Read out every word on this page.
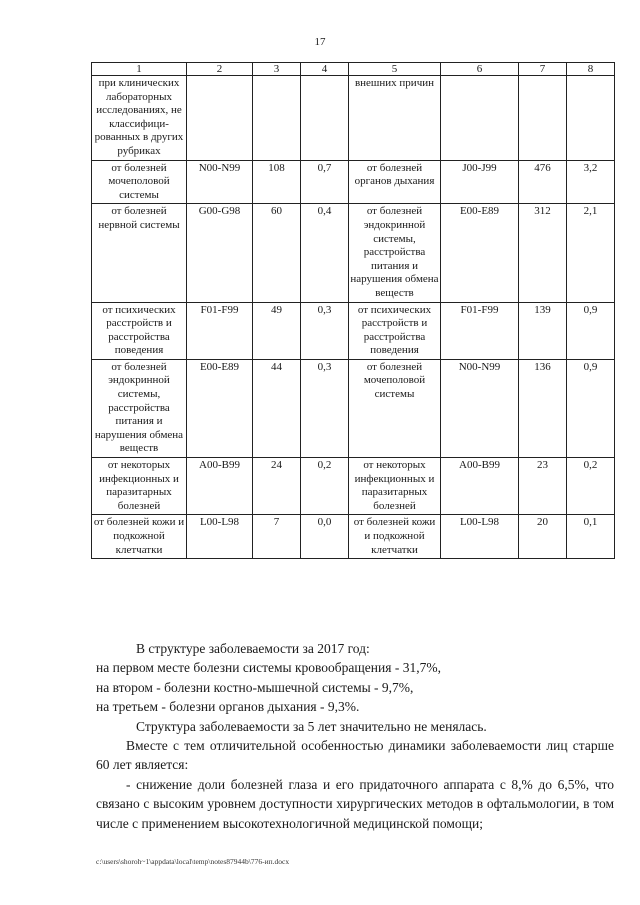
17
1	2	3	4	5	6	7	8
при клинических лабораторных исследованиях, не классифици-рованных в других рубриках				внешних причин			
от болезней мочеполовой системы	N00-N99	108	0,7	от болезней органов дыхания	J00-J99	476	3,2
от болезней нервной системы	G00-G98	60	0,4	от болезней эндокринной системы, расстройства питания и нарушения обмена веществ	E00-E89	312	2,1
от психических расстройств и расстройства поведения	F01-F99	49	0,3	от психических расстройств и расстройства поведения	F01-F99	139	0,9
от болезней эндокринной системы, расстройства питания и нарушения обмена веществ	E00-E89	44	0,3	от болезней мочеполовой системы	N00-N99	136	0,9
от некоторых инфекционных и паразитарных болезней	A00-B99	24	0,2	от некоторых инфекционных и паразитарных болезней	A00-B99	23	0,2
от болезней кожи и подкожной клетчатки	L00-L98	7	0,0	от болезней кожи и подкожной клетчатки	L00-L98	20	0,1

В структуре заболеваемости за 2017 год:

на первом месте болезни системы кровообращения - 31,7%,

на втором - болезни костно-мышечной системы - 9,7%,

на третьем - болезни органов дыхания - 9,3%.

Структура заболеваемости за 5 лет значительно не менялась.

Вместе с тем отличительной особенностью динамики заболеваемости лиц старше 60 лет является:

- снижение доли болезней глаза и его придаточного аппарата с 8,% до 6,5%, что связано с высоким уровнем доступности хирургических методов в офтальмологии, в том числе с применением высокотехнологичной медицинской помощи;

c:\users\shoroh~1\appdata\local\temp\notes87944b\776-ип.docx
